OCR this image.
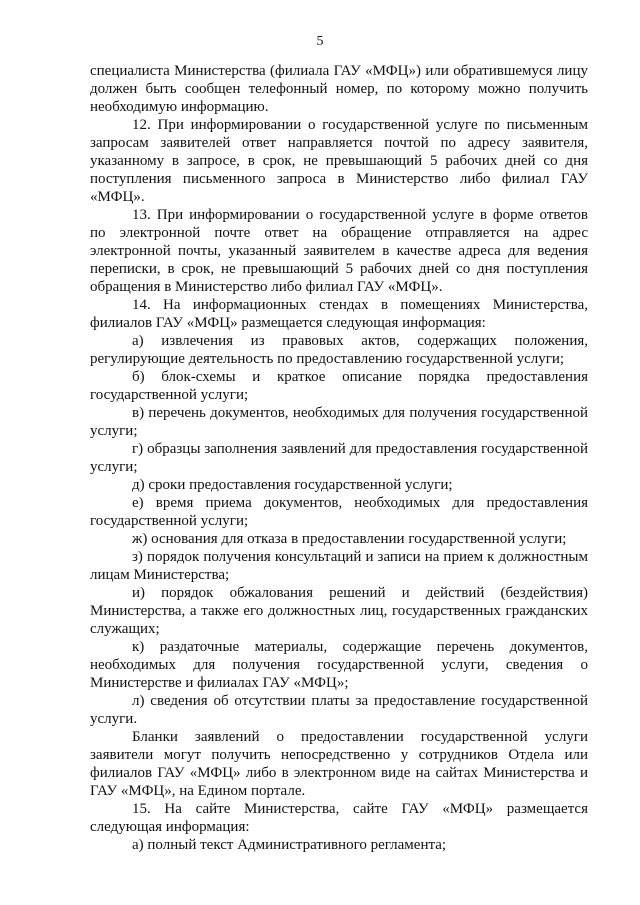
5

специалиста Министерства (филиала ГАУ «МФЦ») или обратившемуся лицу должен быть сообщен телефонный номер, по которому можно получить необходимую информацию.

12. При информировании о государственной услуге по письменным запросам заявителей ответ направляется почтой по адресу заявителя, указанному в запросе, в срок, не превышающий 5 рабочих дней со дня поступления письменного запроса в Министерство либо филиал ГАУ «МФЦ».

13. При информировании о государственной услуге в форме ответов по электронной почте ответ на обращение отправляется на адрес электронной почты, указанный заявителем в качестве адреса для ведения переписки, в срок, не превышающий 5 рабочих дней со дня поступления обращения в Министерство либо филиал ГАУ «МФЦ».

14. На информационных стендах в помещениях Министерства, филиалов ГАУ «МФЦ» размещается следующая информация:

а) извлечения из правовых актов, содержащих положения, регулирующие деятельность по предоставлению государственной услуги;

б) блок-схемы и краткое описание порядка предоставления государственной услуги;

в) перечень документов, необходимых для получения государственной услуги;

г) образцы заполнения заявлений для предоставления государственной услуги;

д) сроки предоставления государственной услуги;

е) время приема документов, необходимых для предоставления государственной услуги;

ж) основания для отказа в предоставлении государственной услуги;

з) порядок получения консультаций и записи на прием к должностным лицам Министерства;

и) порядок обжалования решений и действий (бездействия) Министерства, а также его должностных лиц, государственных гражданских служащих;

к) раздаточные материалы, содержащие перечень документов, необходимых для получения государственной услуги, сведения о Министерстве и филиалах ГАУ «МФЦ»;

л) сведения об отсутствии платы за предоставление государственной услуги.

Бланки заявлений о предоставлении государственной услуги заявители могут получить непосредственно у сотрудников Отдела или филиалов ГАУ «МФЦ» либо в электронном виде на сайтах Министерства и ГАУ «МФЦ», на Едином портале.

15. На сайте Министерства, сайте ГАУ «МФЦ» размещается следующая информация:

а) полный текст Административного регламента;
